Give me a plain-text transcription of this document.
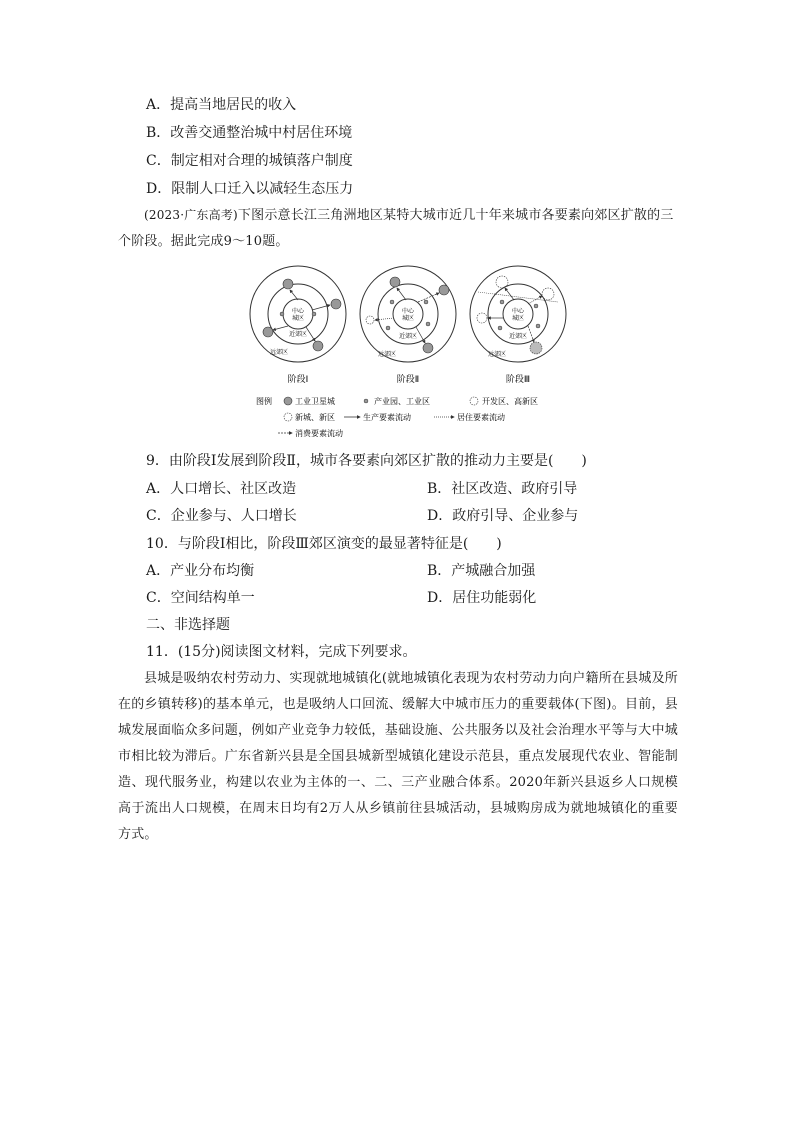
A．提高当地居民的收入
B．改善交通整治城中村居住环境
C．制定相对合理的城镇落户制度
D．限制人口迁入以减轻生态压力
(2023·广东高考)下图示意长江三角洲地区某特大城市近几十年来城市各要素向郊区扩散的三个阶段。据此完成9～10题。
中心
城区
近郊区
远郊区
阶段Ⅰ
中心
城区
近郊区
远郊区
阶段Ⅱ
中心
城区
近郊区
远郊区
阶段Ⅲ
图例	工业卫星城	产业园、工业区	开发区、高新区
新城、新区	生产要素流动	居住要素流动
消费要素流动
9．由阶段Ⅰ发展到阶段Ⅱ，城市各要素向郊区扩散的推动力主要是(　　)
A．人口增长、社区改造	B．社区改造、政府引导
C．企业参与、人口增长	D．政府引导、企业参与
10．与阶段Ⅰ相比，阶段Ⅲ郊区演变的最显著特征是(　　)
A．产业分布均衡	B．产城融合加强
C．空间结构单一	D．居住功能弱化
二、非选择题
11．(15分)阅读图文材料，完成下列要求。
县城是吸纳农村劳动力、实现就地城镇化(就地城镇化表现为农村劳动力向户籍所在县城及所在的乡镇转移)的基本单元，也是吸纳人口回流、缓解大中城市压力的重要载体(下图)。目前，县城发展面临众多问题，例如产业竞争力较低，基础设施、公共服务以及社会治理水平等与大中城市相比较为滞后。广东省新兴县是全国县城新型城镇化建设示范县，重点发展现代农业、智能制造、现代服务业，构建以农业为主体的一、二、三产业融合体系。2020年新兴县返乡人口规模高于流出人口规模，在周末日均有2万人从乡镇前往县城活动，县城购房成为就地城镇化的重要方式。
